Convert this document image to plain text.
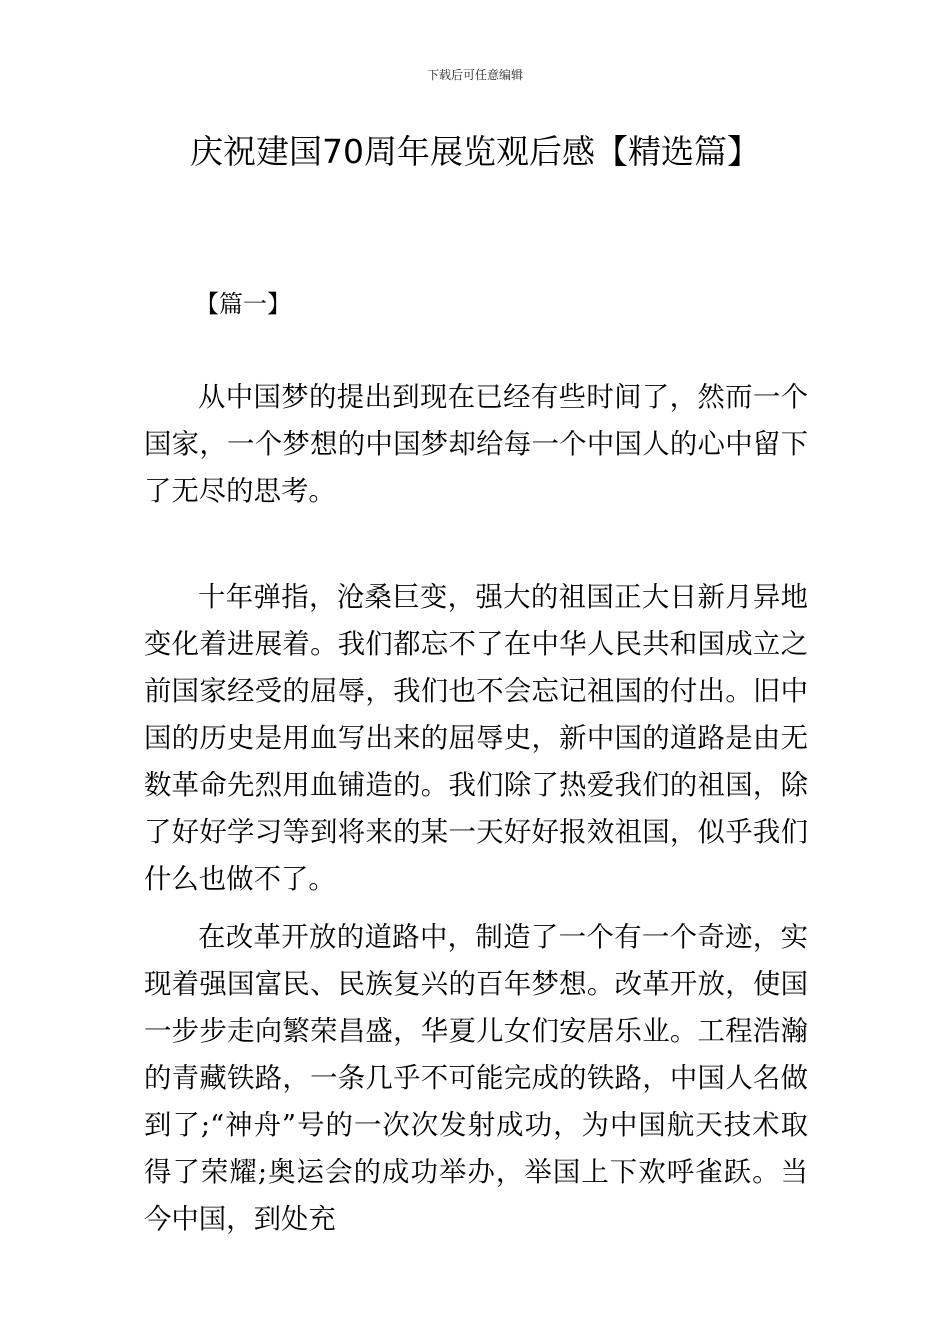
下载后可任意编辑
庆祝建国70周年展览观后感【精选篇】
【篇一】

从中国梦的提出到现在已经有些时间了，然而一个国家，一个梦想的中国梦却给每一个中国人的心中留下了无尽的思考。

十年弹指，沧桑巨变，强大的祖国正大日新月异地变化着进展着。我们都忘不了在中华人民共和国成立之前国家经受的屈辱，我们也不会忘记祖国的付出。旧中国的历史是用血写出来的屈辱史，新中国的道路是由无数革命先烈用血铺造的。我们除了热爱我们的祖国，除了好好学习等到将来的某一天好好报效祖国，似乎我们什么也做不了。

在改革开放的道路中，制造了一个有一个奇迹，实现着强国富民、民族复兴的百年梦想。改革开放，使国一步步走向繁荣昌盛，华夏儿女们安居乐业。工程浩瀚的青藏铁路，一条几乎不可能完成的铁路，中国人名做到了;“神舟”号的一次次发射成功，为中国航天技术取得了荣耀;奥运会的成功举办，举国上下欢呼雀跃。当今中国，到处充
